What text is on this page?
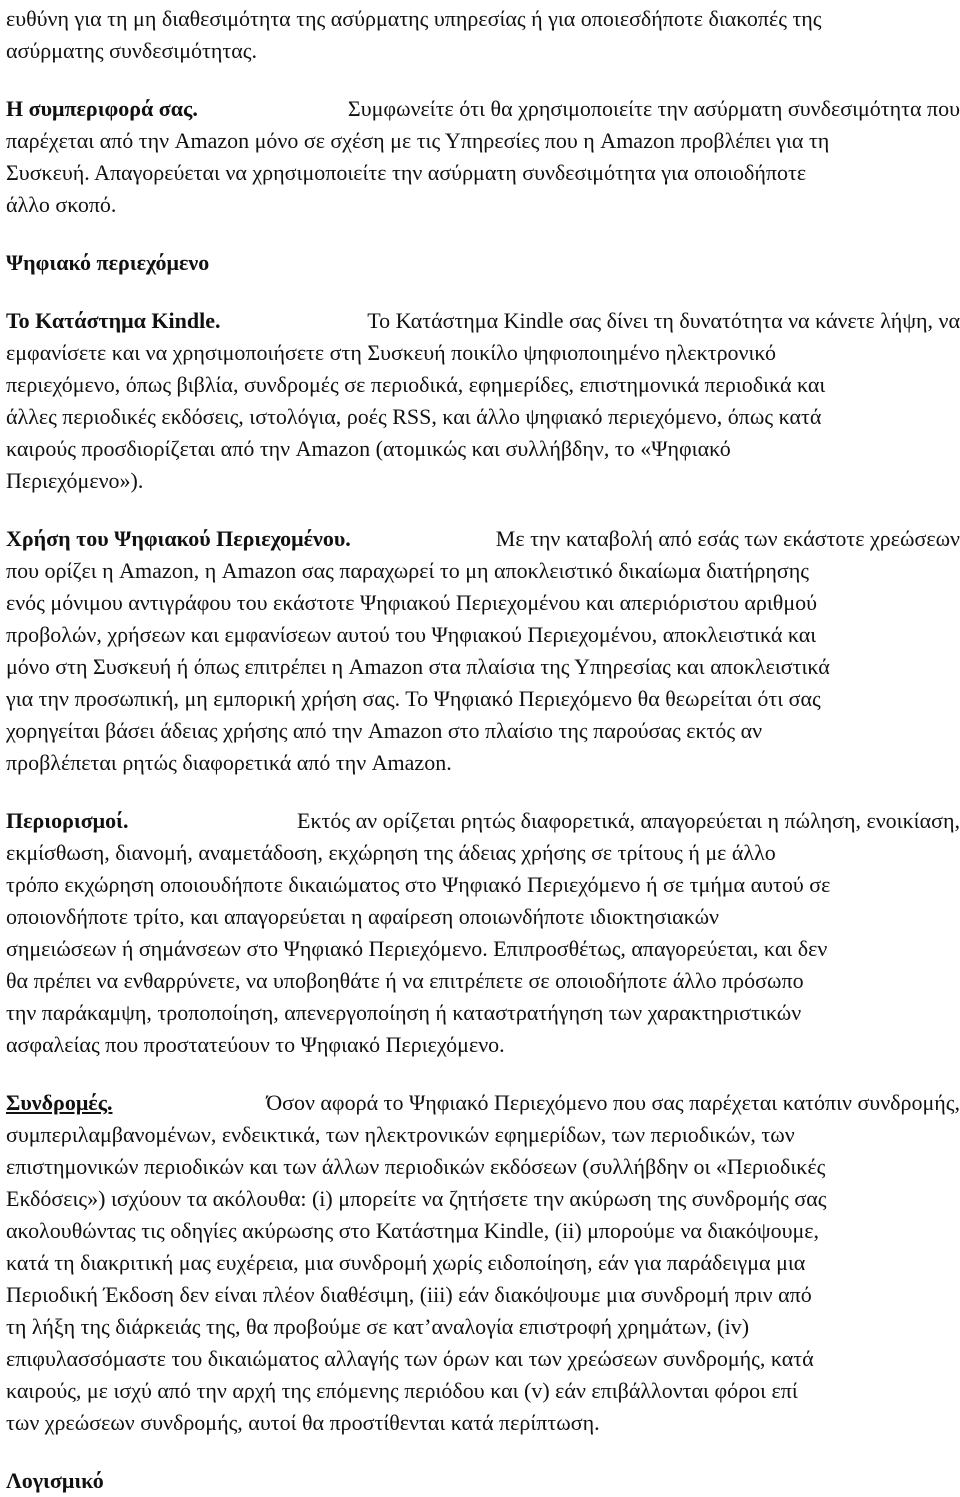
ευθύνη για τη μη διαθεσιμότητα της ασύρματης υπηρεσίας ή για οποιεσδήποτε διακοπές της
ασύρματης συνδεσιμότητας.
Η συμπεριφορά σας.	Συμφωνείτε ότι θα χρησιμοποιείτε την ασύρματη συνδεσιμότητα που
παρέχεται από την Amazon μόνο σε σχέση με τις Υπηρεσίες που η Amazon προβλέπει για τη
Συσκευή. Απαγορεύεται να χρησιμοποιείτε την ασύρματη συνδεσιμότητα για οποιοδήποτε
άλλο σκοπό.
Ψηφιακό περιεχόμενο
Το Κατάστημα Kindle.	Το Κατάστημα Kindle σας δίνει τη δυνατότητα να κάνετε λήψη, να
εμφανίσετε και να χρησιμοποιήσετε στη Συσκευή ποικίλο ψηφιοποιημένο ηλεκτρονικό
περιεχόμενο, όπως βιβλία, συνδρομές σε περιοδικά, εφημερίδες, επιστημονικά περιοδικά και
άλλες περιοδικές εκδόσεις, ιστολόγια, ροές RSS, και άλλο ψηφιακό περιεχόμενο, όπως κατά
καιρούς προσδιορίζεται από την Amazon (ατομικώς και συλλήβδην, το «Ψηφιακό
Περιεχόμενο»).
Χρήση του Ψηφιακού Περιεχομένου.	Με την καταβολή από εσάς των εκάστοτε χρεώσεων
που ορίζει η Amazon, η Amazon σας παραχωρεί το μη αποκλειστικό δικαίωμα διατήρησης
ενός μόνιμου αντιγράφου του εκάστοτε Ψηφιακού Περιεχομένου και απεριόριστου αριθμού
προβολών, χρήσεων και εμφανίσεων αυτού του Ψηφιακού Περιεχομένου, αποκλειστικά και
μόνο στη Συσκευή ή όπως επιτρέπει η Amazon στα πλαίσια της Υπηρεσίας και αποκλειστικά
για την προσωπική, μη εμπορική χρήση σας. Το Ψηφιακό Περιεχόμενο θα θεωρείται ότι σας
χορηγείται βάσει άδειας χρήσης από την Amazon στο πλαίσιο της παρούσας εκτός αν
προβλέπεται ρητώς διαφορετικά από την Amazon.
Περιορισμοί.	Εκτός αν ορίζεται ρητώς διαφορετικά, απαγορεύεται η πώληση, ενοικίαση,
εκμίσθωση, διανομή, αναμετάδοση, εκχώρηση της άδειας χρήσης σε τρίτους ή με άλλο
τρόπο εκχώρηση οποιουδήποτε δικαιώματος στο Ψηφιακό Περιεχόμενο ή σε τμήμα αυτού σε
οποιονδήποτε τρίτο, και απαγορεύεται η αφαίρεση οποιωνδήποτε ιδιοκτησιακών
σημειώσεων ή σημάνσεων στο Ψηφιακό Περιεχόμενο. Επιπροσθέτως, απαγορεύεται, και δεν
θα πρέπει να ενθαρρύνετε, να υποβοηθάτε ή να επιτρέπετε σε οποιοδήποτε άλλο πρόσωπο
την παράκαμψη, τροποποίηση, απενεργοποίηση ή καταστρατήγηση των χαρακτηριστικών
ασφαλείας που προστατεύουν το Ψηφιακό Περιεχόμενο.
Συνδρομές.	Όσον αφορά το Ψηφιακό Περιεχόμενο που σας παρέχεται κατόπιν συνδρομής,
συμπεριλαμβανομένων, ενδεικτικά, των ηλεκτρονικών εφημερίδων, των περιοδικών, των
επιστημονικών περιοδικών και των άλλων περιοδικών εκδόσεων (συλλήβδην οι «Περιοδικές
Εκδόσεις») ισχύουν τα ακόλουθα: (i) μπορείτε να ζητήσετε την ακύρωση της συνδρομής σας
ακολουθώντας τις οδηγίες ακύρωσης στο Κατάστημα Kindle, (ii) μπορούμε να διακόψουμε,
κατά τη διακριτική μας ευχέρεια, μια συνδρομή χωρίς ειδοποίηση, εάν για παράδειγμα μια
Περιοδική Έκδοση δεν είναι πλέον διαθέσιμη, (iii) εάν διακόψουμε μια συνδρομή πριν από
τη λήξη της διάρκειάς της, θα προβούμε σε κατ’αναλογία επιστροφή χρημάτων, (iv)
επιφυλασσόμαστε του δικαιώματος αλλαγής των όρων και των χρεώσεων συνδρομής, κατά
καιρούς, με ισχύ από την αρχή της επόμενης περιόδου και (v) εάν επιβάλλονται φόροι επί
των χρεώσεων συνδρομής, αυτοί θα προστίθενται κατά περίπτωση.
Λογισμικό
